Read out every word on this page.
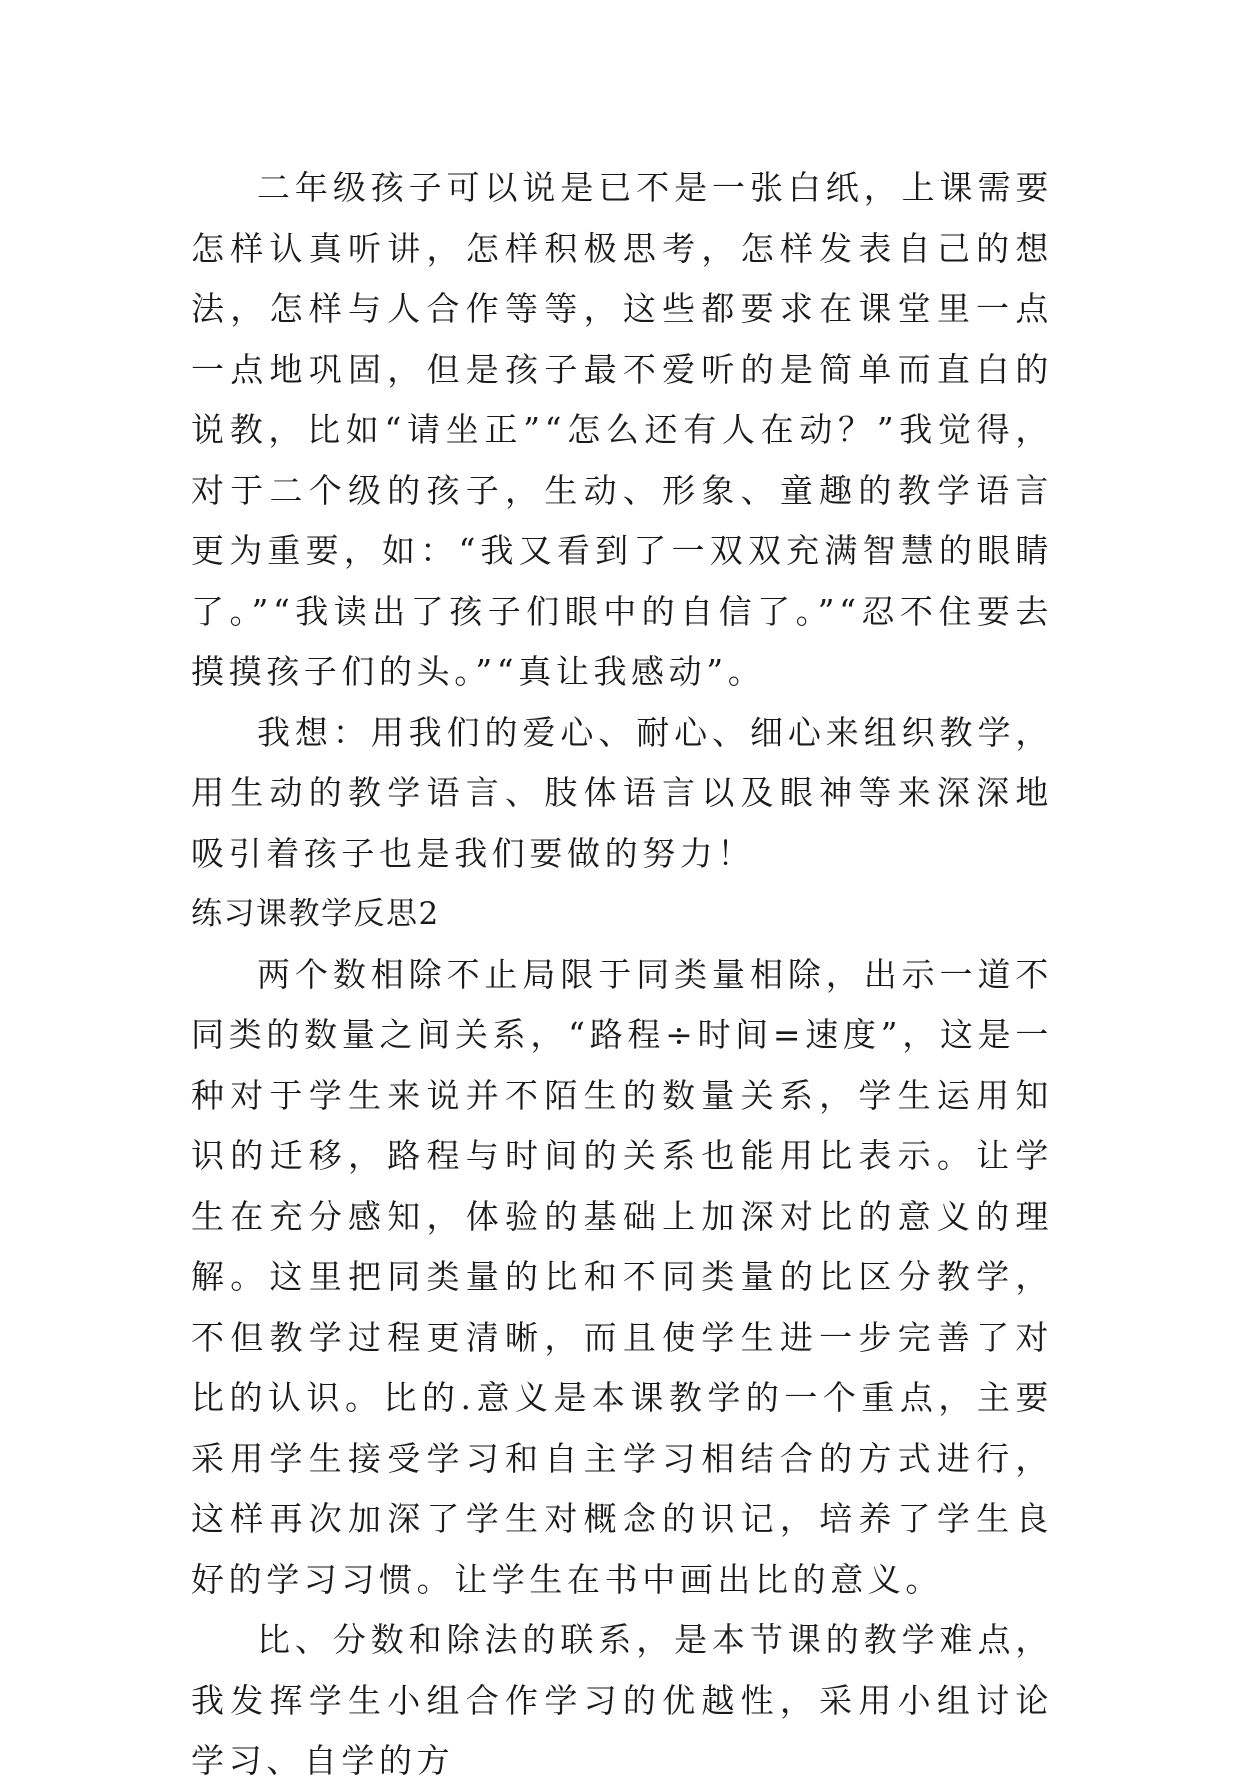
二年级孩子可以说是已不是一张白纸，上课需要怎样认真听讲，怎样积极思考，怎样发表自己的想法，怎样与人合作等等，这些都要求在课堂里一点一点地巩固，但是孩子最不爱听的是简单而直白的说教，比如“请坐正”“怎么还有人在动？”我觉得，对于二个级的孩子，生动、形象、童趣的教学语言更为重要，如：“我又看到了一双双充满智慧的眼睛了。”“我读出了孩子们眼中的自信了。”“忍不住要去摸摸孩子们的头。”“真让我感动”。

我想：用我们的爱心、耐心、细心来组织教学，用生动的教学语言、肢体语言以及眼神等来深深地吸引着孩子也是我们要做的努力！

练习课教学反思2

两个数相除不止局限于同类量相除，出示一道不同类的数量之间关系，“路程÷时间=速度”，这是一种对于学生来说并不陌生的数量关系，学生运用知识的迁移，路程与时间的关系也能用比表示。让学生在充分感知，体验的基础上加深对比的意义的理解。这里把同类量的比和不同类量的比区分教学，不但教学过程更清晰，而且使学生进一步完善了对比的认识。比的.意义是本课教学的一个重点，主要采用学生接受学习和自主学习相结合的方式进行，这样再次加深了学生对概念的识记，培养了学生良好的学习习惯。让学生在书中画出比的意义。

比、分数和除法的联系，是本节课的教学难点，我发挥学生小组合作学习的优越性，采用小组讨论学习、自学的方
